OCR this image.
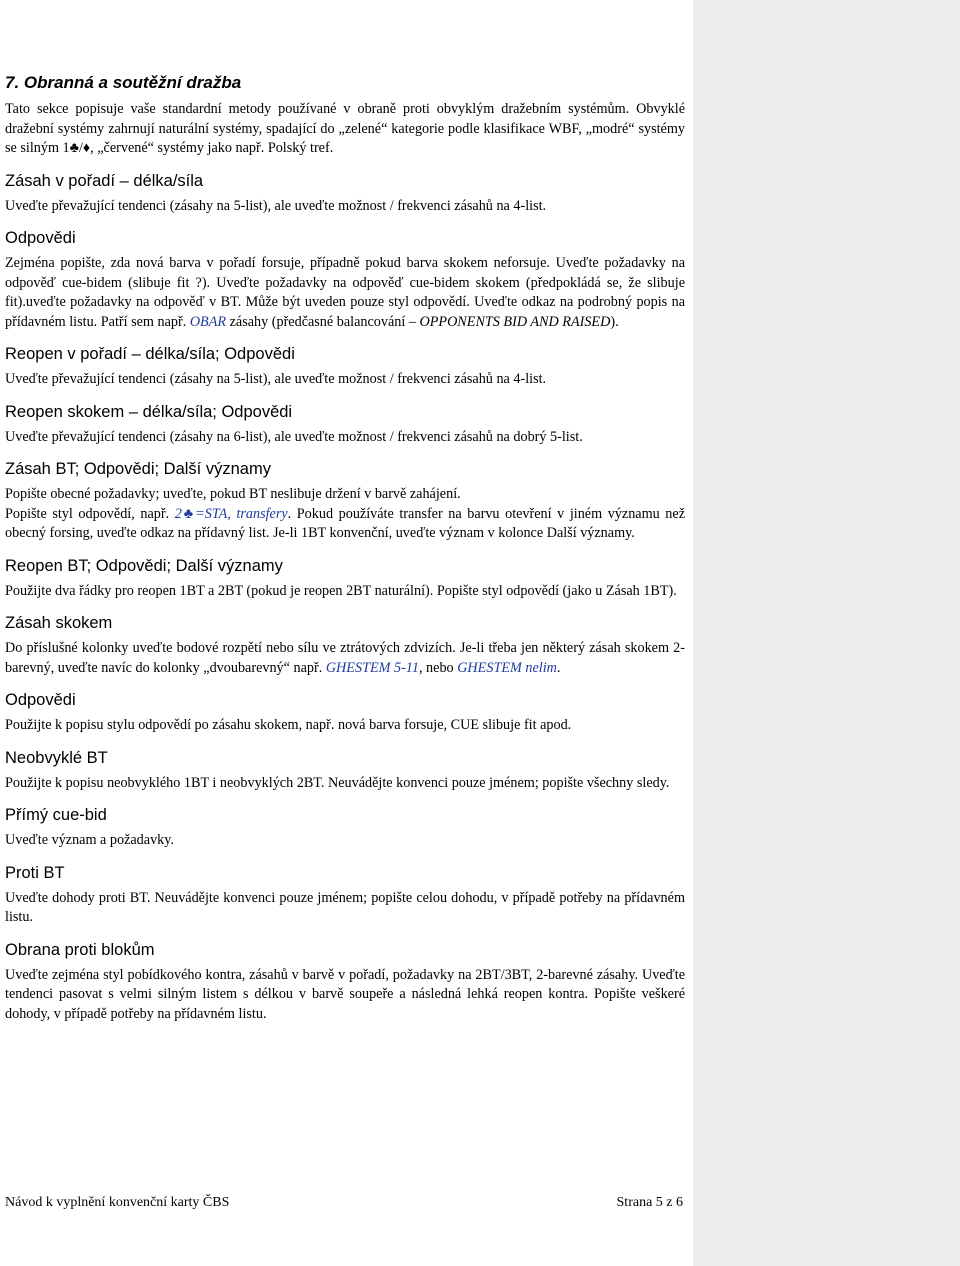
7. Obranná a soutěžní dražba

Tato sekce popisuje vaše standardní metody používané v obraně proti obvyklým dražebním systémům. Obvyklé dražební systémy zahrnují naturální systémy, spadající do „zelené“ kategorie podle klasifikace WBF, „modré“ systémy se silným 1♣/♦, „červené“ systémy jako např. Polský tref.

Zásah v pořadí – délka/síla

Uveďte převažující tendenci (zásahy na 5-list), ale uveďte možnost / frekvenci zásahů na 4-list.

Odpovědi

Zejména popište, zda nová barva v pořadí forsuje, případně pokud barva skokem neforsuje. Uveďte požadavky na odpověď cue-bidem (slibuje fit ?). Uveďte požadavky na odpověď cue-bidem skokem (předpokládá se, že slibuje fit).uveďte požadavky na odpověď v BT. Může být uveden pouze styl odpovědí. Uveďte odkaz na podrobný popis na přídavném listu. Patří sem např. OBAR zásahy (předčasné balancování – OPPONENTS BID AND RAISED).

Reopen v pořadí – délka/síla; Odpovědi

Uveďte převažující tendenci (zásahy na 5-list), ale uveďte možnost / frekvenci zásahů na 4-list.

Reopen skokem – délka/síla; Odpovědi

Uveďte převažující tendenci (zásahy na 6-list), ale uveďte možnost / frekvenci zásahů na dobrý 5-list.

Zásah BT; Odpovědi; Další významy

Popište obecné požadavky; uveďte, pokud BT neslibuje držení v barvě zahájení.

Popište styl odpovědí, např. 2♣=STA, transfery. Pokud používáte transfer na barvu otevření v jiném významu než obecný forsing, uveďte odkaz na přídavný list. Je-li 1BT konvenční, uveďte význam v kolonce Další významy.

Reopen BT; Odpovědi; Další významy

Použijte dva řádky pro reopen 1BT a 2BT (pokud je reopen 2BT naturální). Popište styl odpovědí (jako u Zásah 1BT).

Zásah skokem

Do příslušné kolonky uveďte bodové rozpětí nebo sílu ve ztrátových zdvizích. Je-li třeba jen některý zásah skokem 2-barevný, uveďte navíc do kolonky „dvoubarevný“ např. GHESTEM 5-11, nebo GHESTEM nelim.

Odpovědi

Použijte k popisu stylu odpovědí po zásahu skokem, např. nová barva forsuje, CUE slibuje fit apod.

Neobvyklé BT

Použijte k popisu neobvyklého 1BT i neobvyklých 2BT. Neuvádějte konvenci pouze jménem; popište všechny sledy.

Přímý cue-bid

Uveďte význam a požadavky.

Proti BT

Uveďte dohody proti BT. Neuvádějte konvenci pouze jménem; popište celou dohodu, v případě potřeby na přídavném listu.

Obrana proti blokům

Uveďte zejména styl pobídkového kontra, zásahů v barvě v pořadí, požadavky na 2BT/3BT, 2-barevné zásahy. Uveďte tendenci pasovat s velmi silným listem s délkou v barvě soupeře a následná lehká reopen kontra. Popište veškeré dohody, v případě potřeby na přídavném listu.

Návod k vyplnění konvenční karty ČBS	Strana 5 z 6
